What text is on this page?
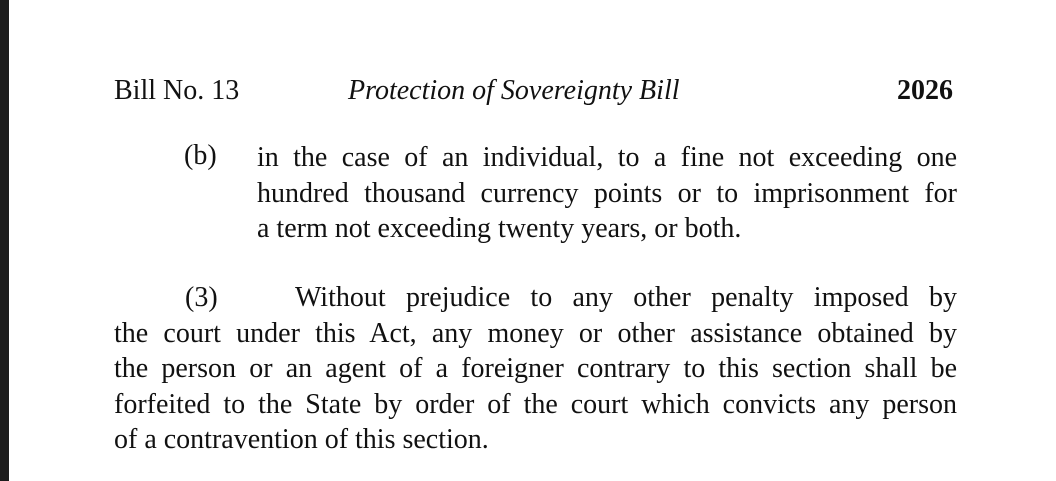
Bill No. 13	Protection of Sovereignty Bill	2026
(b) in the case of an individual, to a fine not exceeding one
hundred thousand currency points or to imprisonment for
a term not exceeding twenty years, or both.
(3)	Without prejudice to any other penalty imposed by
the court under this Act, any money or other assistance obtained by
the person or an agent of a foreigner contrary to this section shall be
forfeited to the State by order of the court which convicts any person
of a contravention of this section.
